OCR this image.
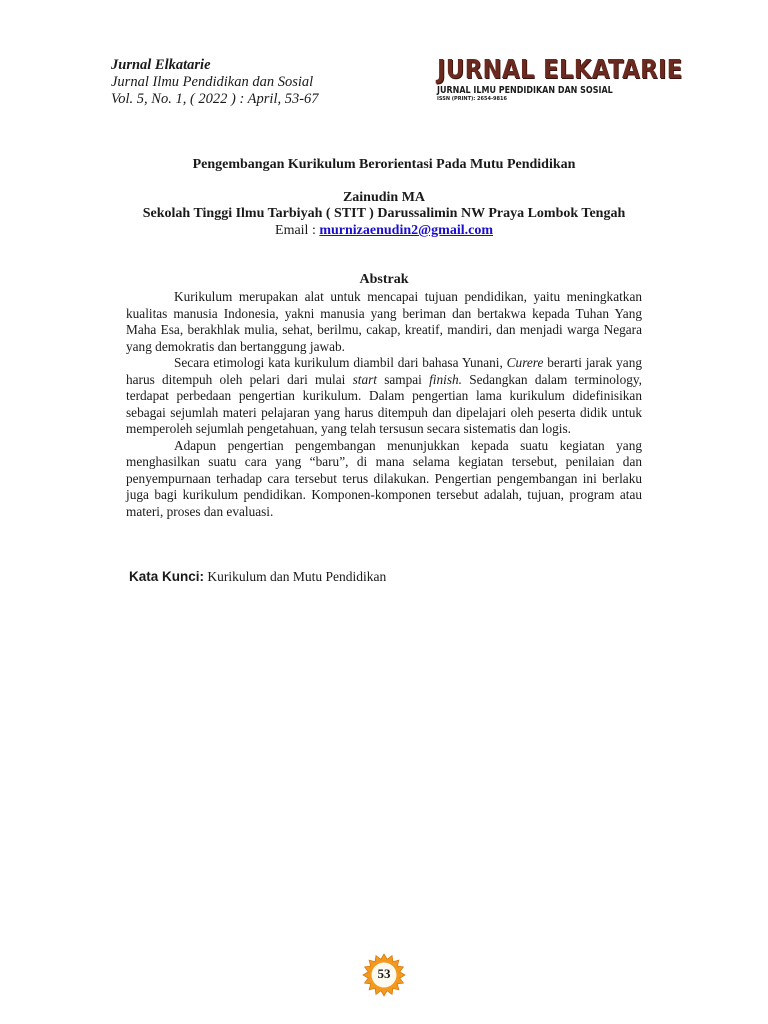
Jurnal Elkatarie
Jurnal Ilmu Pendidikan dan Sosial
Vol. 5, No. 1, ( 2022 ) : April, 53-67
JURNAL ELKATARIE
JURNAL ILMU PENDIDIKAN DAN SOSIAL
ISSN (PRINT): 2654-9816
Pengembangan Kurikulum Berorientasi Pada Mutu Pendidikan
Zainudin MA
Sekolah Tinggi Ilmu Tarbiyah ( STIT ) Darussalimin NW Praya Lombok Tengah
Email : murnizaenudin2@gmail.com
Abstrak

Kurikulum merupakan alat untuk mencapai tujuan pendidikan, yaitu meningkatkan kualitas manusia Indonesia, yakni manusia yang beriman dan bertakwa kepada Tuhan Yang Maha Esa, berakhlak mulia, sehat, berilmu, cakap, kreatif, mandiri, dan menjadi warga Negara yang demokratis dan bertanggung jawab.

Secara etimologi kata kurikulum diambil dari bahasa Yunani, Curere berarti jarak yang harus ditempuh oleh pelari dari mulai start sampai finish. Sedangkan dalam terminology, terdapat perbedaan pengertian kurikulum. Dalam pengertian lama kurikulum didefinisikan sebagai sejumlah materi pelajaran yang harus ditempuh dan dipelajari oleh peserta didik untuk memperoleh sejumlah pengetahuan, yang telah tersusun secara sistematis dan logis.

Adapun pengertian pengembangan menunjukkan kepada suatu kegiatan yang menghasilkan suatu cara yang “baru”, di mana selama kegiatan tersebut, penilaian dan penyempurnaan terhadap cara tersebut terus dilakukan. Pengertian pengembangan ini berlaku juga bagi kurikulum pendidikan. Komponen-komponen tersebut adalah, tujuan, program atau materi, proses dan evaluasi.

Kata Kunci: Kurikulum dan Mutu Pendidikan
53
